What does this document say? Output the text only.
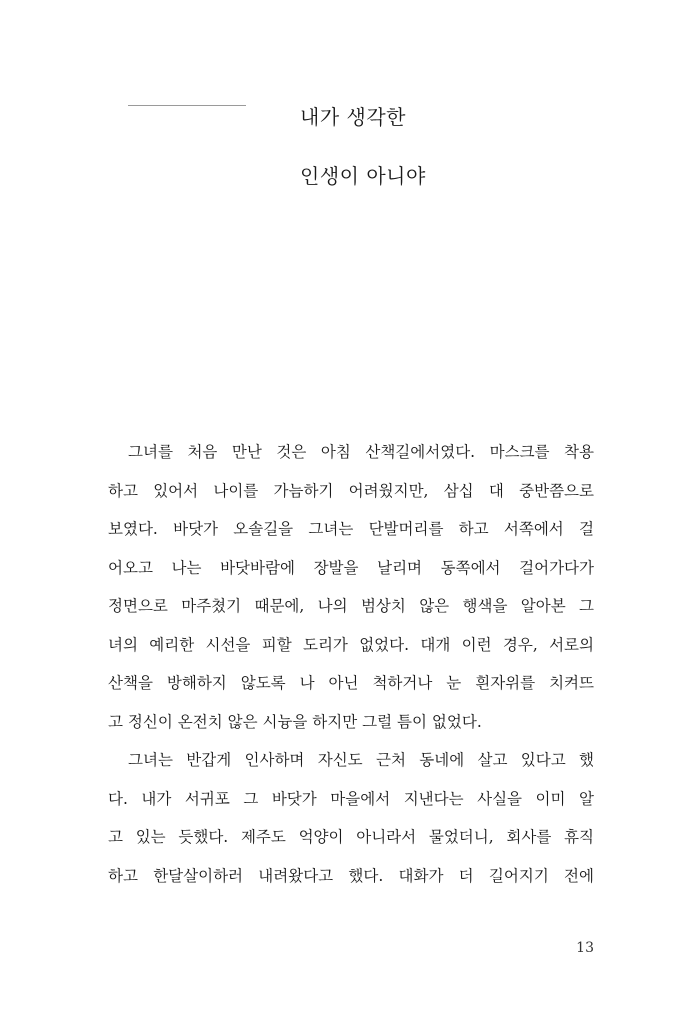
내가 생각한
인생이 아니야
그녀를 처음 만난 것은 아침 산책길에서였다. 마스크를 착용
하고 있어서 나이를 가늠하기 어려웠지만, 삼십 대 중반쯤으로
보였다. 바닷가 오솔길을 그녀는 단발머리를 하고 서쪽에서 걸
어오고 나는 바닷바람에 장발을 날리며 동쪽에서 걸어가다가
정면으로 마주쳤기 때문에, 나의 범상치 않은 행색을 알아본 그
녀의 예리한 시선을 피할 도리가 없었다. 대개 이런 경우, 서로의
산책을 방해하지 않도록 나 아닌 척하거나 눈 흰자위를 치켜뜨
고 정신이 온전치 않은 시늉을 하지만 그럴 틈이 없었다.
그녀는 반갑게 인사하며 자신도 근처 동네에 살고 있다고 했
다. 내가 서귀포 그 바닷가 마을에서 지낸다는 사실을 이미 알
고 있는 듯했다. 제주도 억양이 아니라서 물었더니, 회사를 휴직
하고 한달살이하러 내려왔다고 했다. 대화가 더 길어지기 전에
13
